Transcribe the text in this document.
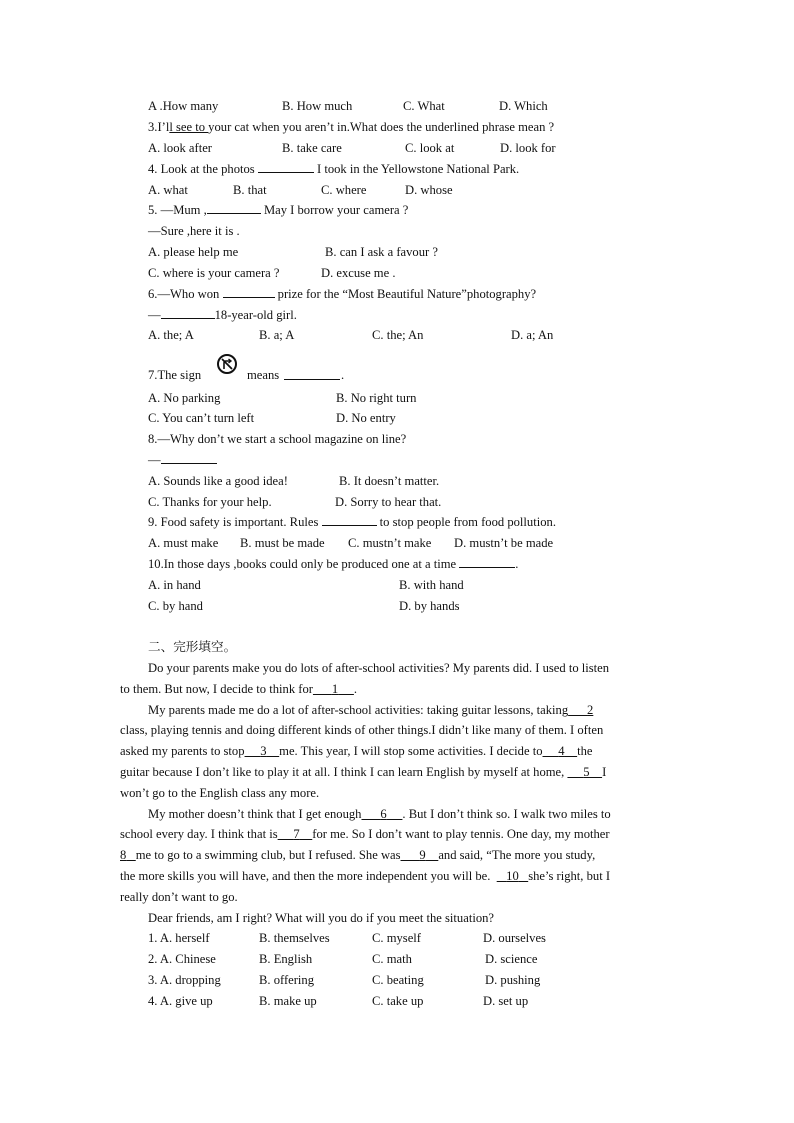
A .How many	B. How much	C. What	D. Which
3.I’ll see to your cat when you aren’t in.What does the underlined phrase mean ?
A. look after	B. take care	C. look at	D. look for
4. Look at the photos	I took in the Yellowstone National Park.
A. what	B. that	C. where	D. whose
5. —Mum ,	May I borrow your camera ?
—Sure ,here it is .
A. please help me	B. can I ask a favour ?
C. where is your camera ?	D. excuse me .
6.—Who won	prize for the “Most Beautiful Nature”photography?
—	18-year-old girl.
A. the; A	B. a; A	C. the; An	D. a; An
7.The sign	means	.
A. No parking	B. No right turn
C. You can’t turn left	D. No entry
8.—Why don’t we start a school magazine on line?
—
A. Sounds like a good idea!	B. It doesn’t matter.
C. Thanks for your help.	D. Sorry to hear that.
9. Food safety is important. Rules	to stop people from food pollution.
A. must make B. must be made C. mustn’t make D. mustn’t be made
10.In those days ,books could only be produced one at a time	.
A. in hand	B. with hand
C. by hand	D. by hands
二、完形填空。
Do your parents make you do lots of after-school activities? My parents did. I used to listen
to them. But now, I decide to think for 1 .
My parents made me do a lot of after-school activities: taking guitar lessons, taking 2
class, playing tennis and doing different kinds of other things.I didn’t like many of them. I often
asked my parents to stop 3 me. This year, I will stop some activities. I decide to 4 the
guitar because I don’t like to play it at all. I think I can learn English by myself at home, 5 I
won’t go to the English class any more.
My mother doesn’t think that I get enough 6 . But I don’t think so. I walk two miles to
school every day. I think that is 7 for me. So I don’t want to play tennis. One day, my mother
8 me to go to a swimming club, but I refused. She was 9 and said, “The more you study,
the more skills you will have, and then the more independent you will be. 10 she’s right, but I
really don’t want to go.
Dear friends, am I right? What will you do if you meet the situation?
1. A. herself	B. themselves	C. myself	D. ourselves
2. A. Chinese	B. English	C. math	D. science
3. A. dropping	B. offering	C. beating	D. pushing
4. A. give up	B. make up	C. take up	D. set up
